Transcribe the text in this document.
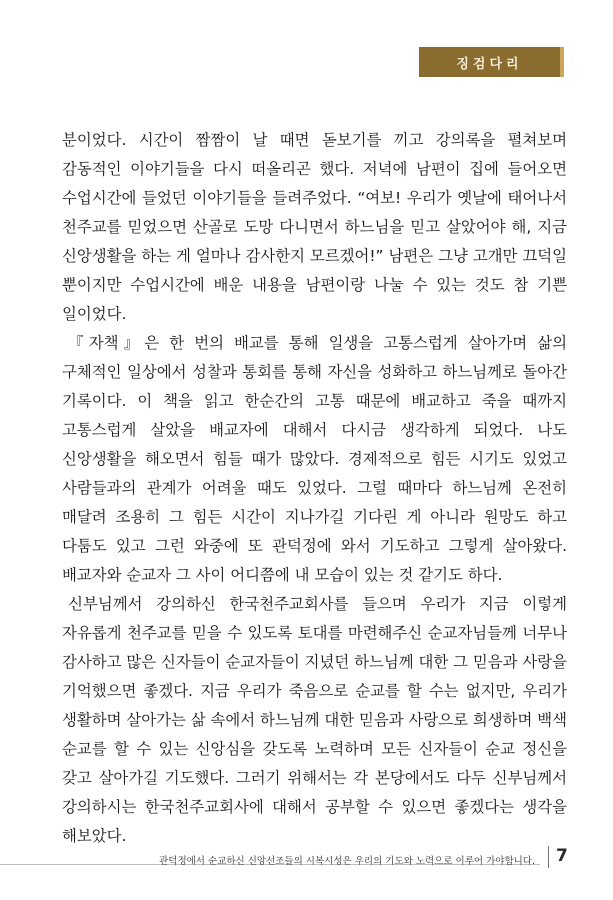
징검다리

분이었다. 시간이 짬짬이 날 때면 돋보기를 끼고 강의록을 펼쳐보며 감동적인 이야기들을 다시 떠올리곤 했다. 저녁에 남편이 집에 들어오면 수업시간에 들었던 이야기들을 들려주었다. “여보! 우리가 옛날에 태어나서 천주교를 믿었으면 산골로 도망 다니면서 하느님을 믿고 살았어야 해, 지금 신앙생활을 하는 게 얼마나 감사한지 모르겠어!” 남편은 그냥 고개만 끄덕일 뿐이지만 수업시간에 배운 내용을 남편이랑 나눌 수 있는 것도 참 기쁜 일이었다.

『자책』은 한 번의 배교를 통해 일생을 고통스럽게 살아가며 삶의 구체적인 일상에서 성찰과 통회를 통해 자신을 성화하고 하느님께로 돌아간 기록이다. 이 책을 읽고 한순간의 고통 때문에 배교하고 죽을 때까지 고통스럽게 살았을 배교자에 대해서 다시금 생각하게 되었다. 나도 신앙생활을 해오면서 힘들 때가 많았다. 경제적으로 힘든 시기도 있었고 사람들과의 관계가 어려울 때도 있었다. 그럴 때마다 하느님께 온전히 매달려 조용히 그 힘든 시간이 지나가길 기다린 게 아니라 원망도 하고 다툼도 있고 그런 와중에 또 관덕정에 와서 기도하고 그렇게 살아왔다. 배교자와 순교자 그 사이 어디쯤에 내 모습이 있는 것 같기도 하다.

신부님께서 강의하신 한국천주교회사를 들으며 우리가 지금 이렇게 자유롭게 천주교를 믿을 수 있도록 토대를 마련해주신 순교자님들께 너무나 감사하고 많은 신자들이 순교자들이 지녔던 하느님께 대한 그 믿음과 사랑을 기억했으면 좋겠다. 지금 우리가 죽음으로 순교를 할 수는 없지만, 우리가 생활하며 살아가는 삶 속에서 하느님께 대한 믿음과 사랑으로 희생하며 백색 순교를 할 수 있는 신앙심을 갖도록 노력하며 모든 신자들이 순교 정신을 갖고 살아가길 기도했다. 그러기 위해서는 각 본당에서도 다두 신부님께서 강의하시는 한국천주교회사에 대해서 공부할 수 있으면 좋겠다는 생각을 해보았다.

관덕정에서 순교하신 신앙선조들의 시복시성은 우리의 기도와 노력으로 이루어 가야합니다. 7
